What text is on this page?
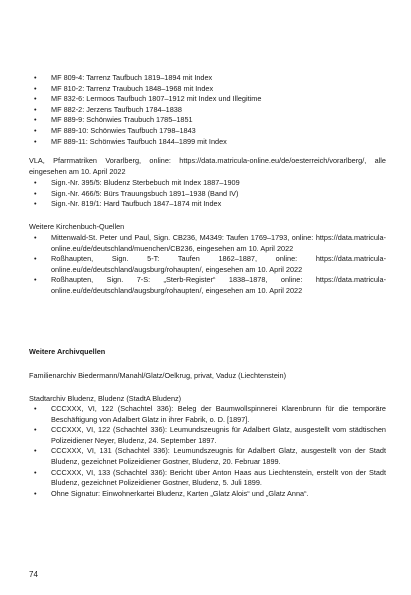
• MF 809-4: Tarrenz Taufbuch 1819–1894 mit Index
• MF 810-2: Tarrenz Traubuch 1848–1968 mit Index
• MF 832-6: Lermoos Taufbuch 1807–1912 mit Index und Illegitime
• MF 882-2: Jerzens Taufbuch 1784–1838
• MF 889-9: Schönwies Traubuch 1785–1851
• MF 889-10: Schönwies Taufbuch 1798–1843
• MF 889-11: Schönwies Taufbuch 1844–1899 mit Index

VLA, Pfarrmatriken Vorarlberg, online: https://data.matricula-online.eu/de/oesterreich/vorarlberg/, alle eingesehen am 10. April 2022

• Sign.-Nr. 395/5: Bludenz Sterbebuch mit Index 1887–1909
• Sign.-Nr. 466/5: Bürs Trauungsbuch 1891–1938 (Band IV)
• Sign.-Nr. 819/1: Hard Taufbuch 1847–1874 mit Index

Weitere Kirchenbuch-Quellen

• Mittenwald-St. Peter und Paul, Sign. CB236, M4349: Taufen 1769–1793, online: https://data.matricula-online.eu/de/deutschland/muenchen/CB236, eingesehen am 10. April 2022
• Roßhaupten, Sign. 5-T: Taufen 1862–1887, online: https://data.matricula-online.eu/de/deutschland/augsburg/rohaupten/, eingesehen am 10. April 2022
• Roßhaupten, Sign. 7-S: „Sterb-Register“ 1838–1878, online: https://data.matricula-online.eu/de/deutschland/augsburg/rohaupten/, eingesehen am 10. April 2022

Weitere Archivquellen

Familienarchiv Biedermann/Manahl/Glatz/Oelkrug, privat, Vaduz (Liechtenstein)

Stadtarchiv Bludenz, Bludenz (StadtA Bludenz)

• CCCXXX, VI, 122 (Schachtel 336): Beleg der Baumwollspinnerei Klarenbrunn für die temporäre Beschäftigung von Adalbert Glatz in ihrer Fabrik, o. D. [1897].
• CCCXXX, VI, 122 (Schachtel 336): Leumundszeugnis für Adalbert Glatz, ausgestellt vom städtischen Polizeidiener Neyer, Bludenz, 24. September 1897.
• CCCXXX, VI, 131 (Schachtel 336): Leumundszeugnis für Adalbert Glatz, ausgestellt von der Stadt Bludenz, gezeichnet Polizeidiener Gostner, Bludenz, 20. Februar 1899.
• CCCXXX, VI, 133 (Schachtel 336): Bericht über Anton Haas aus Liechtenstein, erstellt von der Stadt Bludenz, gezeichnet Polizeidiener Gostner, Bludenz, 5. Juli 1899.
• Ohne Signatur: Einwohnerkartei Bludenz, Karten „Glatz Alois“ und „Glatz Anna“.
74
